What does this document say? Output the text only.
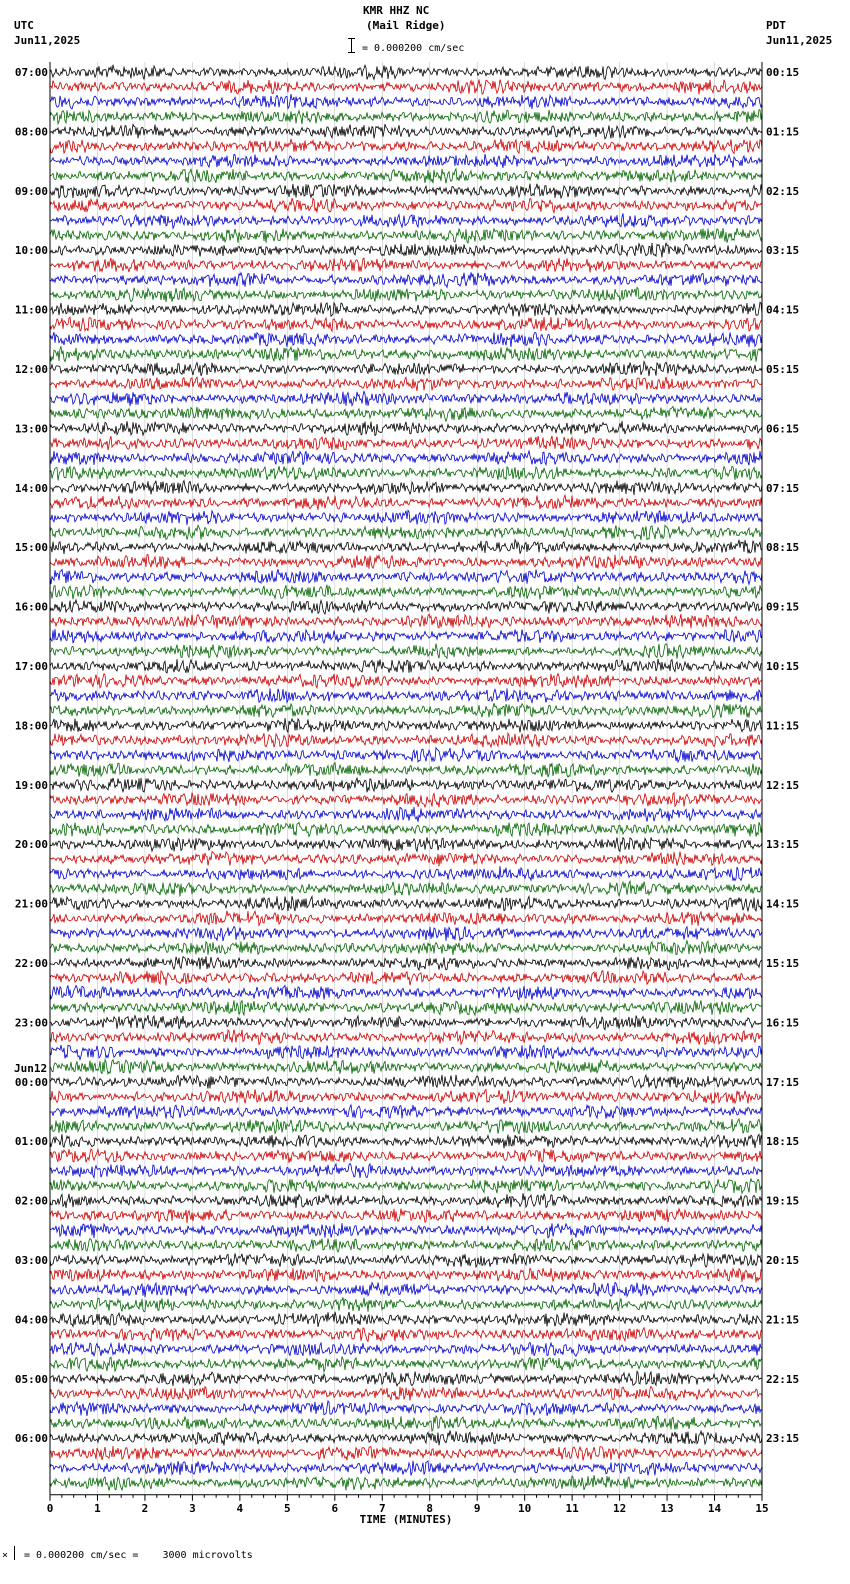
KMR HHZ NC
(Mail Ridge)
= 0.000200 cm/sec
UTC
Jun11,2025
PDT
Jun11,2025
0	1	2	3	4	5	6	7	8	9	10	11	12	13	14	15
TIME (MINUTES)
07:00
08:00
09:00
10:00
11:00
12:00
13:00
14:00
15:00
16:00
17:00
18:00
19:00
20:00
21:00
22:00
23:00
00:00
Jun12
01:00
02:00
03:00
04:00
05:00
06:00
00:15
01:15
02:15
03:15
04:15
05:15
06:15
07:15
08:15
09:15
10:15
11:15
12:15
13:15
14:15
15:15
16:15
17:15
18:15
19:15
20:15
21:15
22:15
23:15
× = 0.000200 cm/sec =    3000 microvolts
